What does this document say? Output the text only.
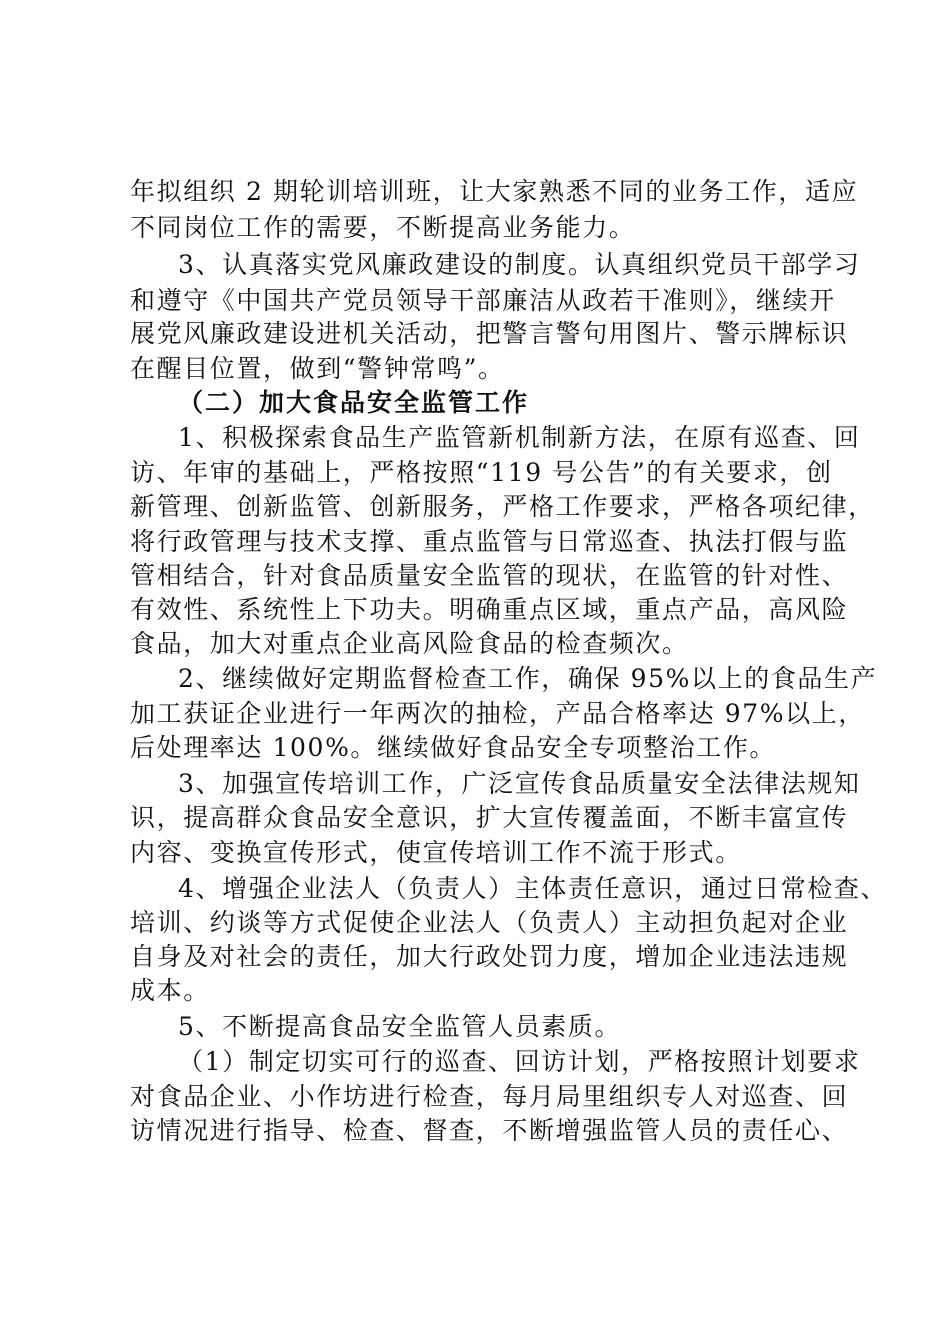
年拟组织 2 期轮训培训班，让大家熟悉不同的业务工作，适应
不同岗位工作的需要，不断提高业务能力。
3、认真落实党风廉政建设的制度。认真组织党员干部学习
和遵守《中国共产党员领导干部廉洁从政若干准则》，继续开
展党风廉政建设进机关活动，把警言警句用图片、警示牌标识
在醒目位置，做到“警钟常鸣”。
（二）加大食品安全监管工作
1、积极探索食品生产监管新机制新方法，在原有巡查、回
访、年审的基础上，严格按照“119 号公告”的有关要求，创
新管理、创新监管、创新服务，严格工作要求，严格各项纪律，
将行政管理与技术支撑、重点监管与日常巡查、执法打假与监
管相结合，针对食品质量安全监管的现状，在监管的针对性、
有效性、系统性上下功夫。明确重点区域，重点产品，高风险
食品，加大对重点企业高风险食品的检查频次。
2、继续做好定期监督检查工作，确保 95%以上的食品生产
加工获证企业进行一年两次的抽检，产品合格率达 97%以上，
后处理率达 100%。继续做好食品安全专项整治工作。
3、加强宣传培训工作，广泛宣传食品质量安全法律法规知
识，提高群众食品安全意识，扩大宣传覆盖面，不断丰富宣传
内容、变换宣传形式，使宣传培训工作不流于形式。
4、增强企业法人（负责人）主体责任意识，通过日常检查、
培训、约谈等方式促使企业法人（负责人）主动担负起对企业
自身及对社会的责任，加大行政处罚力度，增加企业违法违规
成本。
5、不断提高食品安全监管人员素质。
（1）制定切实可行的巡查、回访计划，严格按照计划要求
对食品企业、小作坊进行检查，每月局里组织专人对巡查、回
访情况进行指导、检查、督查，不断增强监管人员的责任心、
